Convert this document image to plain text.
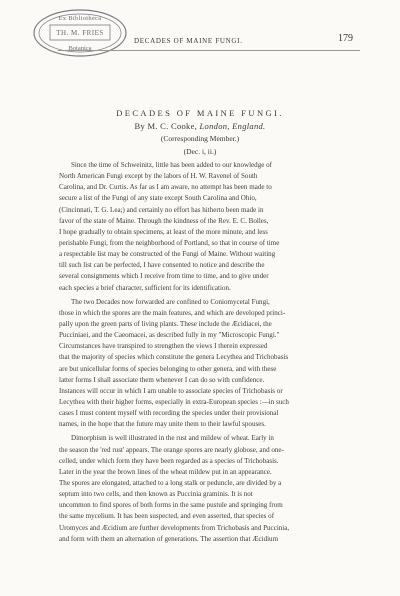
Ex Bibliotheca
TH. M. FRIES
Botanica
DECADES OF MAINE FUNGI.	179
DECADES OF MAINE FUNGI.
By M. C. Cooke, London, England.
(Corresponding Member.)
(Dec. i, ii.)

Since the time of Schweinitz, little has been added to our knowledge of
North American Fungi except by the labors of H. W. Ravenel of South
Carolina, and Dr. Curtis. As far as I am aware, no attempt has been made to
secure a list of the Fungi of any state except South Carolina and Ohio,
(Cincinnati, T. G. Lea;) and certainly no effort has hitherto been made in
favor of the state of Maine. Through the kindness of the Rev. E. C. Bolles,
I hope gradually to obtain specimens, at least of the more minute, and less
perishable Fungi, from the neighborhood of Portland, so that in course of time
a respectable list may be constructed of the Fungi of Maine. Without waiting
till such list can be perfected, I have consented to notice and describe the
several consignments which I receive from time to time, and to give under
each species a brief character, sufficient for its identification.

The two Decades now forwarded are confined to Coniomycetal Fungi,
those in which the spores are the main features, and which are developed princi-
pally upon the green parts of living plants. These include the Æcidiacei, the
Pucciniaei, and the Caeomacei, as described fully in my "Microscopic Fungi."
Circumstances have transpired to strengthen the views I therein expressed
that the majority of species which constitute the genera Lecythea and Trichobasis
are but unicellular forms of species belonging to other genera, and with these
latter forms I shall associate them whenever I can do so with confidence.
Instances will occur in which I am unable to associate species of Trichobasis or
Lecythea with their higher forms, especially in extra-European species :—in such
cases I must content myself with recording the species under their provisional
names, in the hope that the future may unite them to their lawful spouses.

Dimorphism is well illustrated in the rust and mildew of wheat. Early in
the season the 'red rust' appears. The orange spores are nearly globose, and one-
celled, under which form they have been regarded as a species of Trichobasis.
Later in the year the brown lines of the wheat mildew put in an appearance.
The spores are elongated, attached to a long stalk or peduncle, are divided by a
septum into two cells, and then known as Puccinia graminis. It is not
uncommon to find spores of both forms in the same pustule and springing from
the same mycelium. It has been suspected, and even asserted, that species of
Uromyces and Æcidium are further developments from Trichobasis and Puccinia,
and form with them an alternation of generations. The assertion that Æcidium
